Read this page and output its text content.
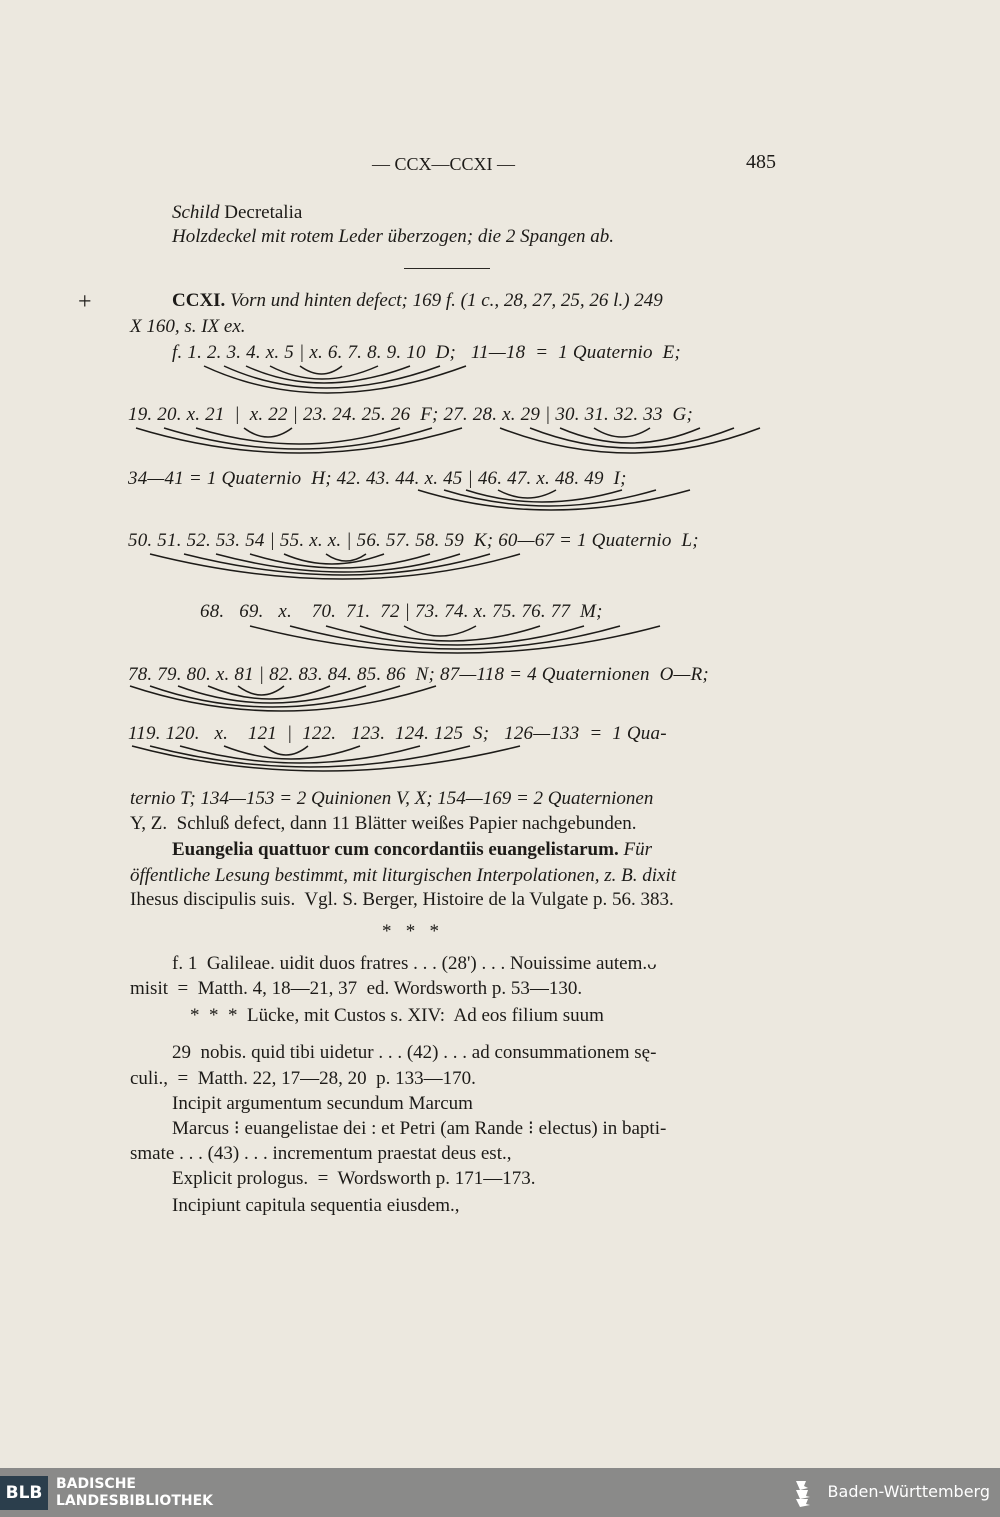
— CCX—CCXI —	485
Schild Decretalia
Holzdeckel mit rotem Leder überzogen; die 2 Spangen ab.
+	CCXI. Vorn und hinten defect; 169 f. (1 c., 28, 27, 25, 26 l.) 249
X 160, s. IX ex.
f. 1. 2. 3. 4. x. 5 | x. 6. 7. 8. 9. 10  D;   11—18  =  1 Quaternio  E;
19. 20. x. 21  |  x. 22 | 23. 24. 25. 26  F; 27. 28. x. 29 | 30. 31. 32. 33  G;
34—41 = 1 Quaternio  H; 42. 43. 44. x. 45 | 46. 47. x. 48. 49  I;
50. 51. 52. 53. 54 | 55. x. x. | 56. 57. 58. 59  K; 60—67 = 1 Quaternio  L;
68.   69.   x.    70.  71.  72 | 73. 74. x. 75. 76. 77  M;
78. 79. 80. x. 81 | 82. 83. 84. 85. 86  N; 87—118 = 4 Quaternionen  O—R;
119. 120.   x.    121  |  122.   123.  124. 125  S;   126—133  =  1 Qua-
ternio T; 134—153 = 2 Quinionen V, X; 154—169 = 2 Quaternionen
Y, Z.  Schluß defect, dann 11 Blätter weißes Papier nachgebunden.
Euangelia quattuor cum concordantiis euangelistarum. Für
öffentliche Lesung bestimmt, mit liturgischen Interpolationen, z. B. dixit
Ihesus discipulis suis.  Vgl. S. Berger, Histoire de la Vulgate p. 56. 383.
*   *   *
f. 1  Galileae. uidit duos fratres . . . (28') . . . Nouissime autem.ᴗ
misit  =  Matth. 4, 18—21, 37  ed. Wordsworth p. 53—130.
*  *  *  Lücke, mit Custos s. XIV:  Ad eos filium suum
29  nobis. quid tibi uidetur . . . (42) . . . ad consummationem sę-
culi.,  =  Matth. 22, 17—28, 20  p. 133—170.
Incipit argumentum secundum Marcum
Marcus ⁝ euangelistae dei : et Petri (am Rande ⁝ electus) in bapti-
smate . . . (43) . . . incrementum praestat deus est.,
Explicit prologus.  =  Wordsworth p. 171—173.
Incipiunt capitula sequentia eiusdem.,
BLB BADISCHE
LANDESBIBLIOTHEK	Baden-Württemberg
